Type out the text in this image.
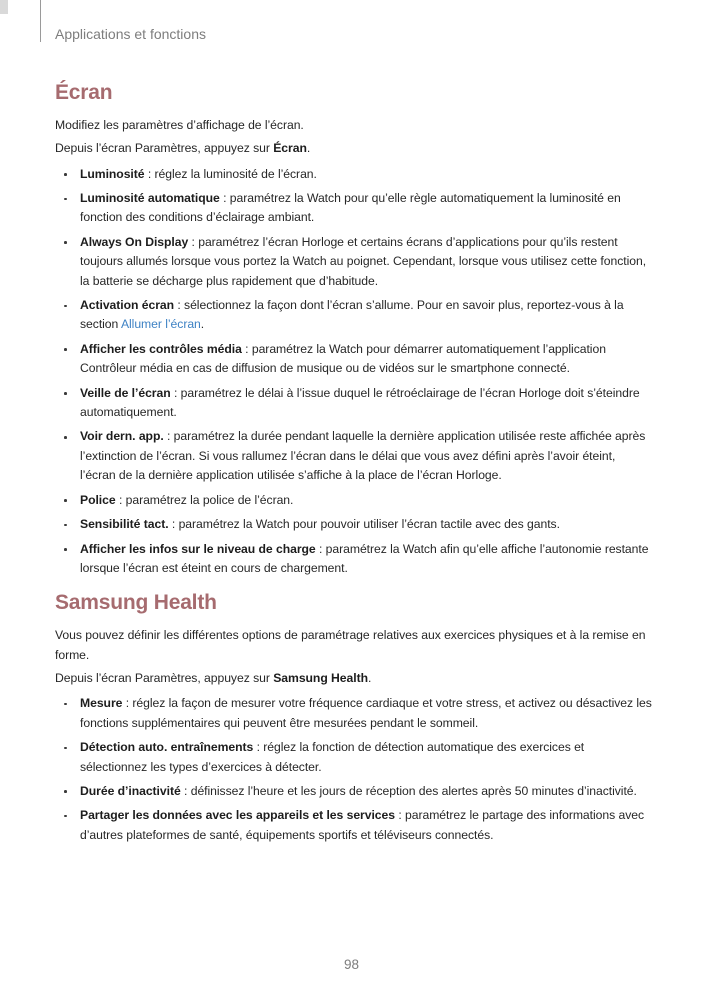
Applications et fonctions
Écran

Modifiez les paramètres d’affichage de l’écran.

Depuis l’écran Paramètres, appuyez sur Écran.

Luminosité : réglez la luminosité de l’écran.
Luminosité automatique : paramétrez la Watch pour qu’elle règle automatiquement la luminosité en fonction des conditions d’éclairage ambiant.
Always On Display : paramétrez l’écran Horloge et certains écrans d’applications pour qu’ils restent toujours allumés lorsque vous portez la Watch au poignet. Cependant, lorsque vous utilisez cette fonction, la batterie se décharge plus rapidement que d’habitude.
Activation écran : sélectionnez la façon dont l’écran s’allume. Pour en savoir plus, reportez-vous à la section Allumer l’écran.
Afficher les contrôles média : paramétrez la Watch pour démarrer automatiquement l’application Contrôleur média en cas de diffusion de musique ou de vidéos sur le smartphone connecté.
Veille de l’écran : paramétrez le délai à l’issue duquel le rétroéclairage de l’écran Horloge doit s’éteindre automatiquement.
Voir dern. app. : paramétrez la durée pendant laquelle la dernière application utilisée reste affichée après l’extinction de l’écran. Si vous rallumez l’écran dans le délai que vous avez défini après l’avoir éteint, l’écran de la dernière application utilisée s’affiche à la place de l’écran Horloge.
Police : paramétrez la police de l’écran.
Sensibilité tact. : paramétrez la Watch pour pouvoir utiliser l’écran tactile avec des gants.
Afficher les infos sur le niveau de charge : paramétrez la Watch afin qu’elle affiche l’autonomie restante lorsque l’écran est éteint en cours de chargement.
Samsung Health

Vous pouvez définir les différentes options de paramétrage relatives aux exercices physiques et à la remise en forme.

Depuis l’écran Paramètres, appuyez sur Samsung Health.

Mesure : réglez la façon de mesurer votre fréquence cardiaque et votre stress, et activez ou désactivez les fonctions supplémentaires qui peuvent être mesurées pendant le sommeil.
Détection auto. entraînements : réglez la fonction de détection automatique des exercices et sélectionnez les types d’exercices à détecter.
Durée d’inactivité : définissez l’heure et les jours de réception des alertes après 50 minutes d’inactivité.
Partager les données avec les appareils et les services : paramétrez le partage des informations avec d’autres plateformes de santé, équipements sportifs et téléviseurs connectés.
98
